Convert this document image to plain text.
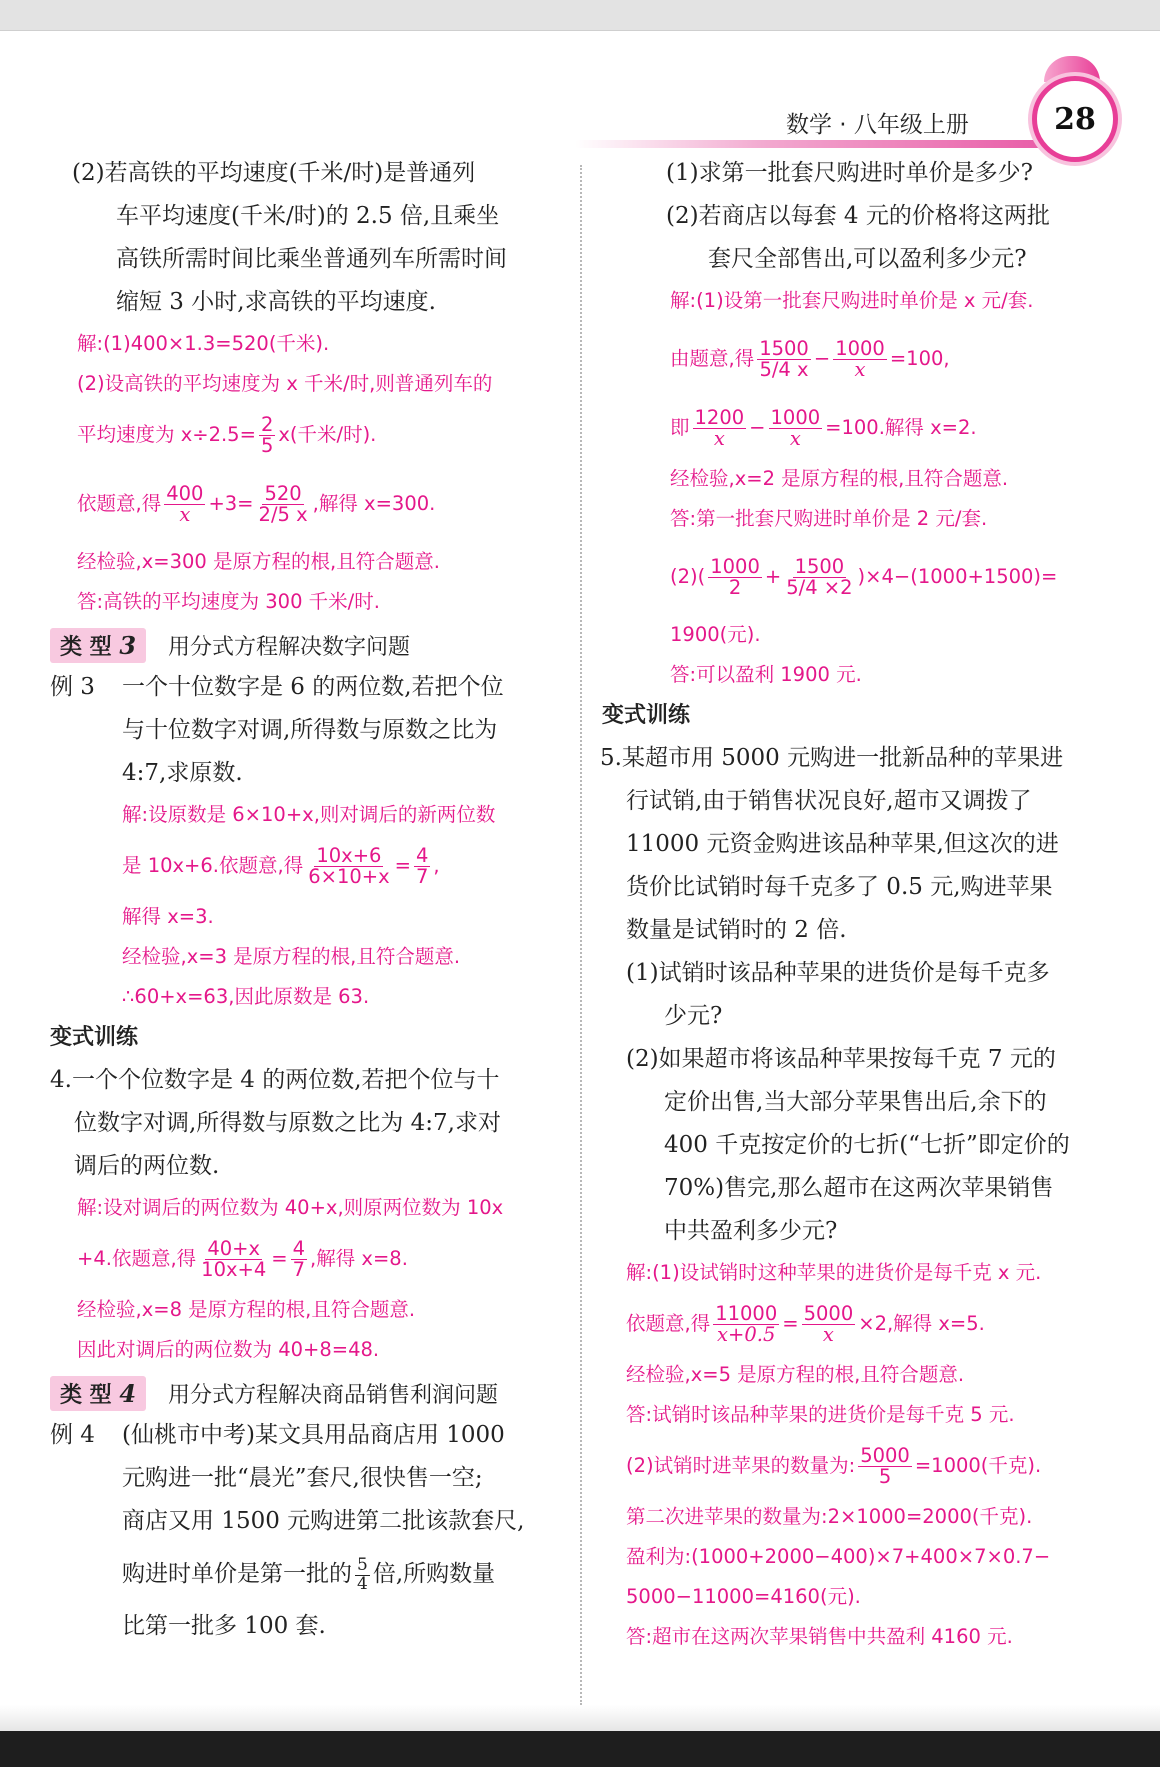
数学 · 八年级上册	28

(2)若高铁的平均速度(千米/时)是普通列

车平均速度(千米/时)的 2.5 倍,且乘坐

高铁所需时间比乘坐普通列车所需时间

缩短 3 小时,求高铁的平均速度.

解:(1)400×1.3=520(千米).

(2)设高铁的平均速度为 x 千米/时,则普通列车的

平均速度为 $x\div 2.5= \frac{2}{5} x$(千米/时).

依题意,得 $\frac{400}{x} +3= \frac{520}{2/5 x}$ ,解得 x=300.

经检验,x=300 是原方程的根,且符合题意.

答:高铁的平均速度为 300 千米/时.

类 型 3	用分式方程解决数字问题
例 3	一个十位数字是 6 的两位数,若把个位

与十位数字对调,所得数与原数之比为

4:7,求原数.

解:设原数是 6×10+x,则对调后的新两位数

是 10x+6.依题意,得 $\frac{10x+6}{6\times 10+x} = \frac{4}{7}$ ,

解得 x=3.

经检验,x=3 是原方程的根,且符合题意.

∴60+x=63,因此原数是 63.

变式训练

4.一个个位数字是 4 的两位数,若把个位与十

位数字对调,所得数与原数之比为 4:7,求对

调后的两位数.

解:设对调后的两位数为 40+x,则原两位数为 10x

+4.依题意,得 $\frac{40+x}{10x+4} = \frac{4}{7}$ ,解得 x=8.

经检验,x=8 是原方程的根,且符合题意.

因此对调后的两位数为 40+8=48.

类 型 4	用分式方程解决商品销售利润问题
例 4	(仙桃市中考)某文具用品商店用 1000

元购进一批“晨光”套尺,很快售一空;

商店又用 1500 元购进第二批该款套尺,

购进时单价是第一批的 $\frac{5}{4}$ 倍,所购数量

比第一批多 100 套.

(1)求第一批套尺购进时单价是多少?

(2)若商店以每套 4 元的价格将这两批

套尺全部售出,可以盈利多少元?

解:(1)设第一批套尺购进时单价是 x 元/套.

由题意,得 $\frac{1500}{5/4 x} - \frac{1000}{x} =100$,

即 $\frac{1200}{x} - \frac{1000}{x} =100$.解得 x=2.

经检验,x=2 是原方程的根,且符合题意.

答:第一批套尺购进时单价是 2 元/套.

$(2)( \frac{1000}{2} + \frac{1500}{5/4 \times 2} )\times 4-(1000+1500)=$

1900(元).

答:可以盈利 1900 元.

变式训练

5.某超市用 5000 元购进一批新品种的苹果进

行试销,由于销售状况良好,超市又调拨了

11000 元资金购进该品种苹果,但这次的进

货价比试销时每千克多了 0.5 元,购进苹果

数量是试销时的 2 倍.

(1)试销时该品种苹果的进货价是每千克多

少元?

(2)如果超市将该品种苹果按每千克 7 元的

定价出售,当大部分苹果售出后,余下的

400 千克按定价的七折(“七折”即定价的

70%)售完,那么超市在这两次苹果销售

中共盈利多少元?

解:(1)设试销时这种苹果的进货价是每千克 x 元.

依题意,得 $\frac{11000}{x+0.5} = \frac{5000}{x} \times 2$,解得 x=5.

经检验,x=5 是原方程的根,且符合题意.

答:试销时该品种苹果的进货价是每千克 5 元.

(2)试销时进苹果的数量为: $\frac{5000}{5} =1000$(千克).

第二次进苹果的数量为:2×1000=2000(千克).

盈利为:(1000+2000−400)×7+400×7×0.7−

5000−11000=4160(元).

答:超市在这两次苹果销售中共盈利 4160 元.
